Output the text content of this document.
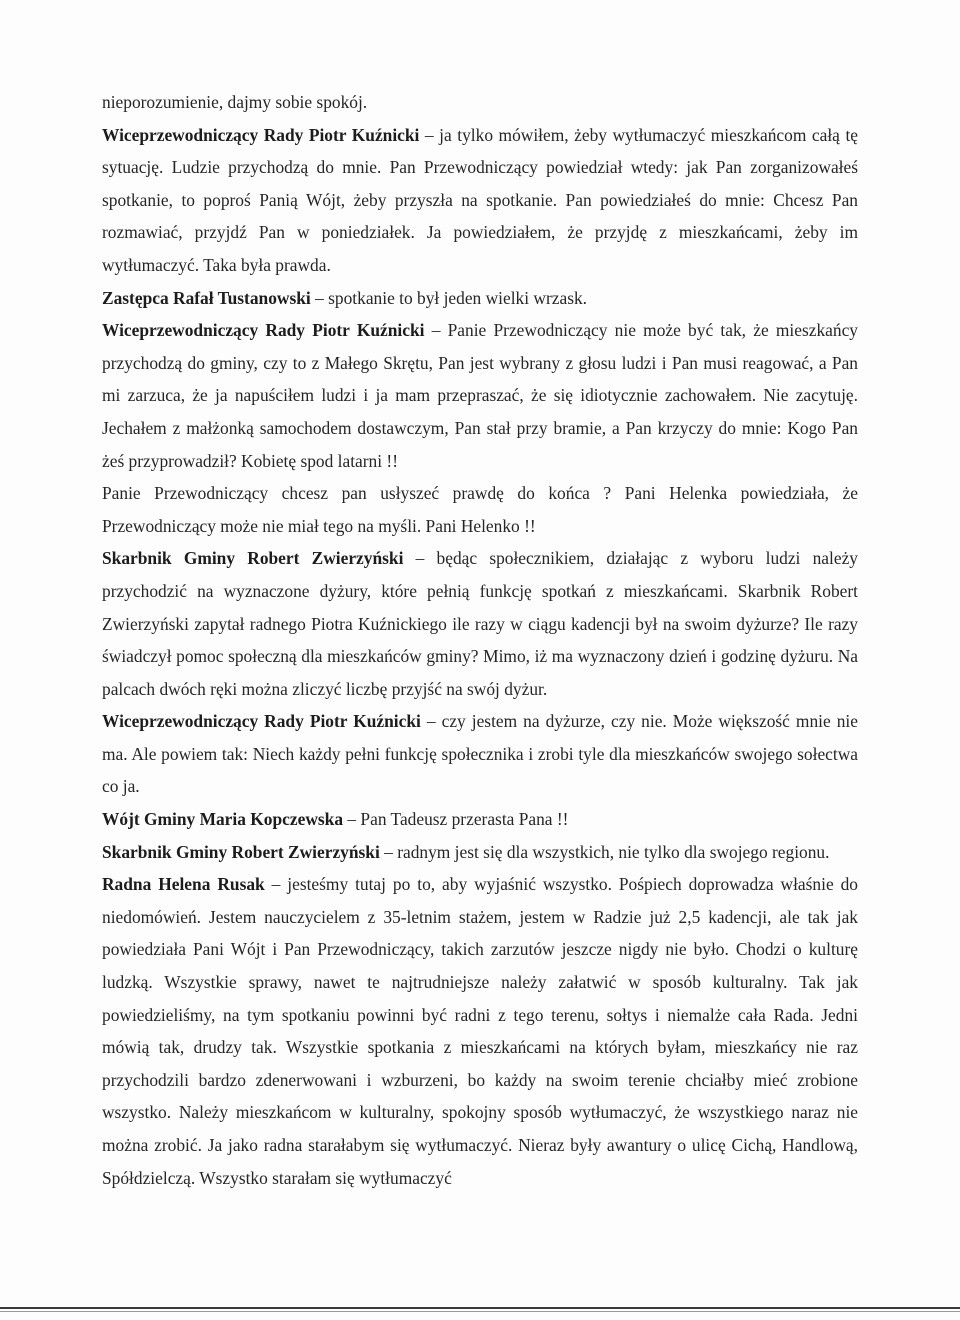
nieporozumienie, dajmy sobie spokój.

Wiceprzewodniczący Rady Piotr Kuźnicki – ja tylko mówiłem, żeby wytłumaczyć mieszkańcom całą tę sytuację. Ludzie przychodzą do mnie. Pan Przewodniczący powiedział wtedy: jak Pan zorganizowałeś spotkanie, to poproś Panią Wójt, żeby przyszła na spotkanie. Pan powiedziałeś do mnie: Chcesz Pan rozmawiać, przyjdź Pan w poniedziałek. Ja powiedziałem, że przyjdę z mieszkańcami, żeby im wytłumaczyć. Taka była prawda.

Zastępca Rafał Tustanowski – spotkanie to był jeden wielki wrzask.

Wiceprzewodniczący Rady Piotr Kuźnicki – Panie Przewodniczący nie może być tak, że mieszkańcy przychodzą do gminy, czy to z Małego Skrętu, Pan jest wybrany z głosu ludzi i Pan musi reagować, a Pan mi zarzuca, że ja napuściłem ludzi i ja mam przepraszać, że się idiotycznie zachowałem. Nie zacytuję. Jechałem z małżonką samochodem dostawczym, Pan stał przy bramie, a Pan krzyczy do mnie: Kogo Pan żeś przyprowadził? Kobietę spod latarni !!

Panie Przewodniczący chcesz pan usłyszeć prawdę do końca ? Pani Helenka powiedziała, że Przewodniczący może nie miał tego na myśli. Pani Helenko !!

Skarbnik Gminy Robert Zwierzyński – będąc społecznikiem, działając z wyboru ludzi należy przychodzić na wyznaczone dyżury, które pełnią funkcję spotkań z mieszkańcami. Skarbnik Robert Zwierzyński zapytał radnego Piotra Kuźnickiego ile razy w ciągu kadencji był na swoim dyżurze? Ile razy świadczył pomoc społeczną dla mieszkańców gminy? Mimo, iż ma wyznaczony dzień i godzinę dyżuru. Na palcach dwóch ręki można zliczyć liczbę przyjść na swój dyżur.

Wiceprzewodniczący Rady Piotr Kuźnicki – czy jestem na dyżurze, czy nie. Może większość mnie nie ma. Ale powiem tak: Niech każdy pełni funkcję społecznika i zrobi tyle dla mieszkańców swojego sołectwa co ja.

Wójt Gminy Maria Kopczewska – Pan Tadeusz przerasta Pana !!

Skarbnik Gminy Robert Zwierzyński – radnym jest się dla wszystkich, nie tylko dla swojego regionu.

Radna Helena Rusak – jesteśmy tutaj po to, aby wyjaśnić wszystko. Pośpiech doprowadza właśnie do niedomówień. Jestem nauczycielem z 35-letnim stażem, jestem w Radzie już 2,5 kadencji, ale tak jak powiedziała Pani Wójt i Pan Przewodniczący, takich zarzutów jeszcze nigdy nie było. Chodzi o kulturę ludzką. Wszystkie sprawy, nawet te najtrudniejsze należy załatwić w sposób kulturalny. Tak jak powiedzieliśmy, na tym spotkaniu powinni być radni z tego terenu, sołtys i niemalże cała Rada. Jedni mówią tak, drudzy tak. Wszystkie spotkania z mieszkańcami na których byłam, mieszkańcy nie raz przychodzili bardzo zdenerwowani i wzburzeni, bo każdy na swoim terenie chciałby mieć zrobione wszystko. Należy mieszkańcom w kulturalny, spokojny sposób wytłumaczyć, że wszystkiego naraz nie można zrobić. Ja jako radna starałabym się wytłumaczyć. Nieraz były awantury o ulicę Cichą, Handlową, Spółdzielczą. Wszystko starałam się wytłumaczyć
